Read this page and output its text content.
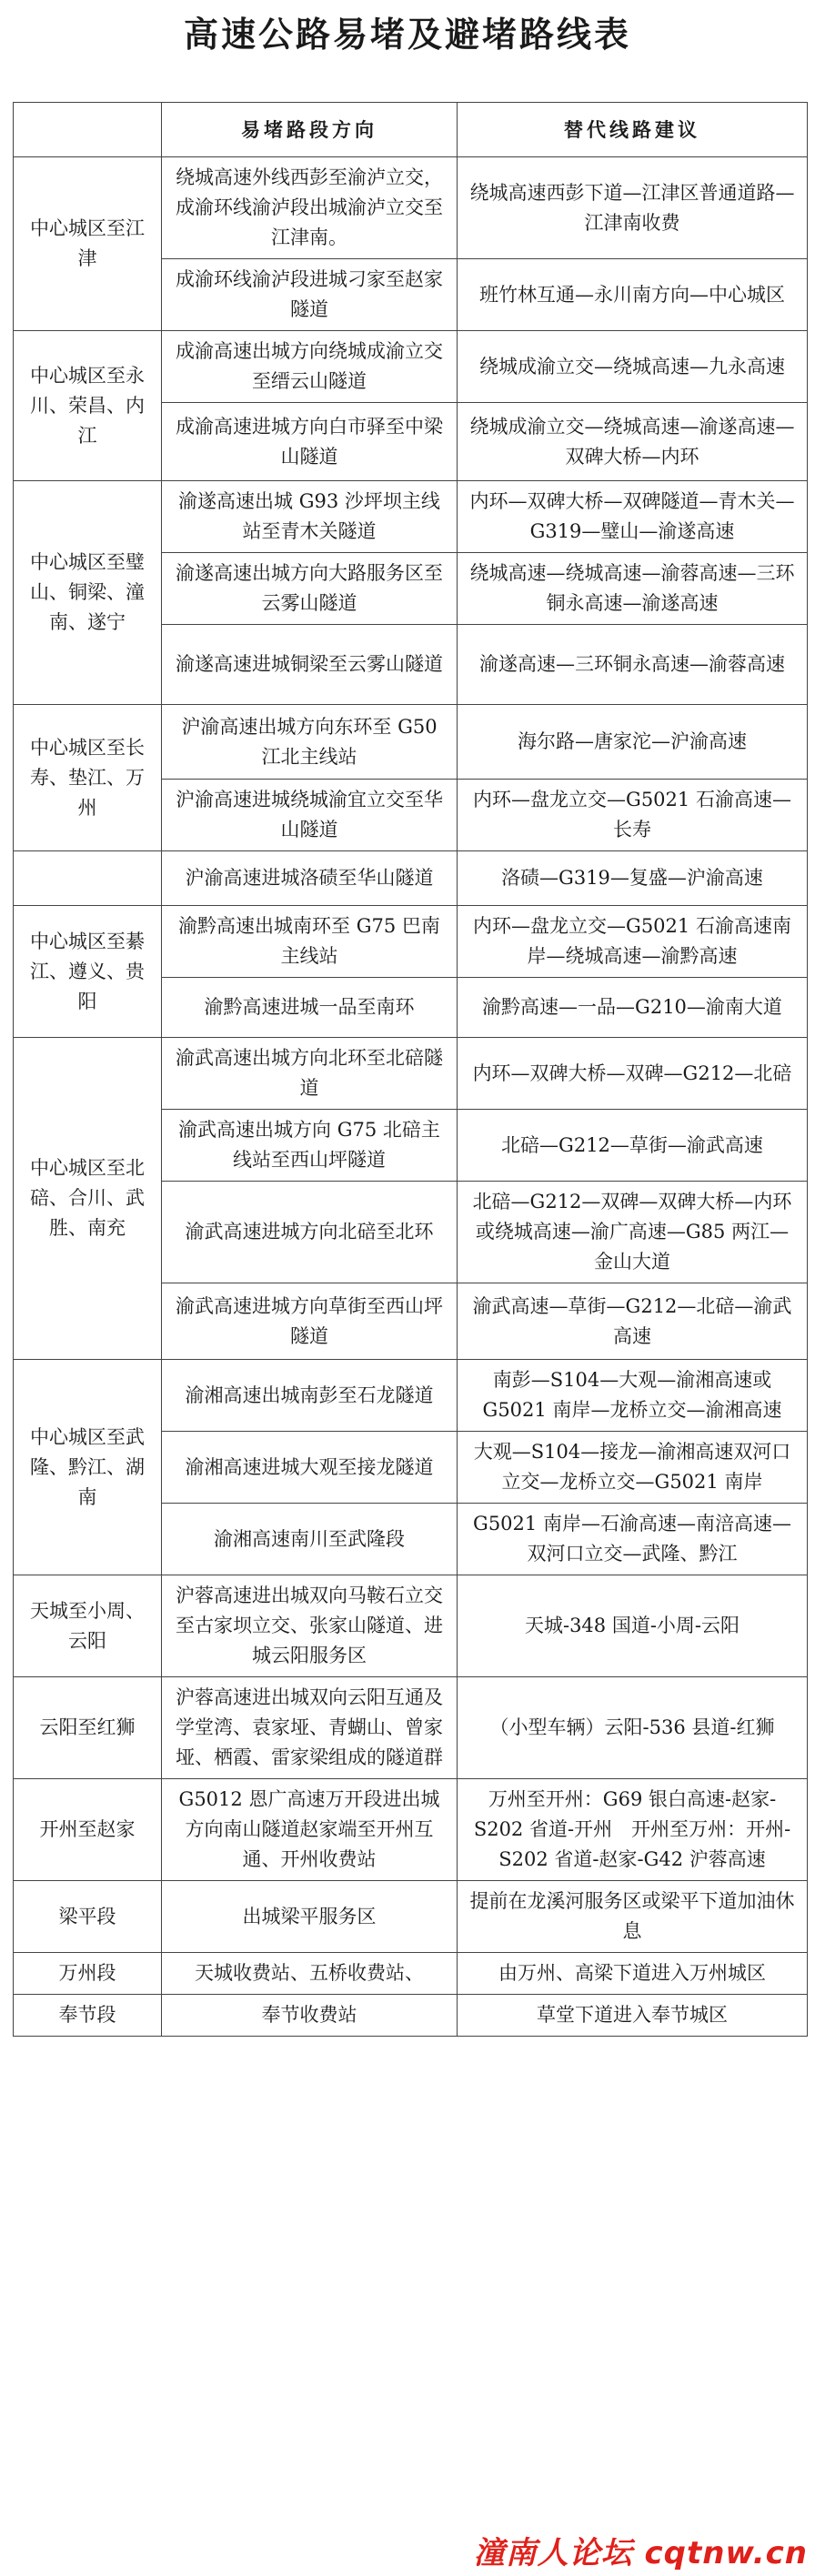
高速公路易堵及避堵路线表
	易堵路段方向	替代线路建议
中心城区至江津	绕城高速外线西彭至渝泸立交，成渝环线渝泸段出城渝泸立交至江津南。	绕城高速西彭下道—江津区普通道路—江津南收费
	成渝环线渝泸段进城刁家至赵家隧道	班竹林互通—永川南方向—中心城区
中心城区至永川、荣昌、内江	成渝高速出城方向绕城成渝立交至缙云山隧道	绕城成渝立交—绕城高速—九永高速
	成渝高速进城方向白市驿至中梁山隧道	绕城成渝立交—绕城高速—渝遂高速—双碑大桥—内环
中心城区至璧山、铜梁、潼南、遂宁	渝遂高速出城 G93 沙坪坝主线站至青木关隧道	内环—双碑大桥—双碑隧道—青木关—G319—璧山—渝遂高速
	渝遂高速出城方向大路服务区至云雾山隧道	绕城高速—绕城高速—渝蓉高速—三环铜永高速—渝遂高速
	渝遂高速进城铜梁至云雾山隧道	渝遂高速—三环铜永高速—渝蓉高速
中心城区至长寿、垫江、万州	沪渝高速出城方向东环至 G50 江北主线站	海尔路—唐家沱—沪渝高速
	沪渝高速进城绕城渝宜立交至华山隧道	内环—盘龙立交—G5021 石渝高速—长寿
	沪渝高速进城洛碛至华山隧道	洛碛—G319—复盛—沪渝高速
中心城区至綦江、遵义、贵阳	渝黔高速出城南环至 G75 巴南主线站	内环—盘龙立交—G5021 石渝高速南岸—绕城高速—渝黔高速
	渝黔高速进城一品至南环	渝黔高速—一品—G210—渝南大道
中心城区至北碚、合川、武胜、南充	渝武高速出城方向北环至北碚隧道	内环—双碑大桥—双碑—G212—北碚
	渝武高速出城方向 G75 北碚主线站至西山坪隧道	北碚—G212—草街—渝武高速
	渝武高速进城方向北碚至北环	北碚—G212—双碑—双碑大桥—内环或绕城高速—渝广高速—G85 两江—金山大道
	渝武高速进城方向草街至西山坪隧道	渝武高速—草街—G212—北碚—渝武高速
中心城区至武隆、黔江、湖南	渝湘高速出城南彭至石龙隧道	南彭—S104—大观—渝湘高速或G5021 南岸—龙桥立交—渝湘高速
	渝湘高速进城大观至接龙隧道	大观—S104—接龙—渝湘高速双河口立交—龙桥立交—G5021 南岸
	渝湘高速南川至武隆段	G5021 南岸—石渝高速—南涪高速—双河口立交—武隆、黔江
天城至小周、云阳	沪蓉高速进出城双向马鞍石立交至古家坝立交、张家山隧道、进城云阳服务区	天城-348 国道-小周-云阳
云阳至红狮	沪蓉高速进出城双向云阳互通及学堂湾、袁家垭、青蝴山、曾家垭、栖霞、雷家梁组成的隧道群	（小型车辆）云阳-536 县道-红狮
开州至赵家	G5012 恩广高速万开段进出城方向南山隧道赵家端至开州互通、开州收费站	万州至开州：G69 银白高速-赵家-S202 省道-开州　开州至万州：开州-S202 省道-赵家-G42 沪蓉高速
梁平段	出城梁平服务区	提前在龙溪河服务区或梁平下道加油休息
万州段	天城收费站、五桥收费站、	由万州、高梁下道进入万州城区
奉节段	奉节收费站	草堂下道进入奉节城区
潼南人论坛 cqtnw.cn
